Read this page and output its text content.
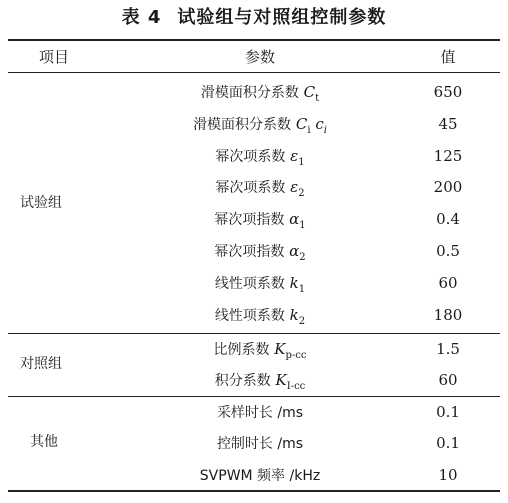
表 4 试验组与对照组控制参数
项目	参数	值
试验组
滑模面积分系数 $C_t$	650
滑模面积分系数 $C_i$ $c_i$	45
幂次项系数 $\varepsilon_1$	125
幂次项系数 $\varepsilon_2$	200
幂次项指数 $\alpha_1$	0.4
幂次项指数 $\alpha_2$	0.5
线性项系数 $k_1$	60
线性项系数 $k_2$	180
对照组
比例系数 $K_{p-cc}$	1.5
积分系数 $K_{I-cc}$	60
其他
采样时长 /ms	0.1
控制时长 /ms	0.1
SVPWM 频率 /kHz	10
